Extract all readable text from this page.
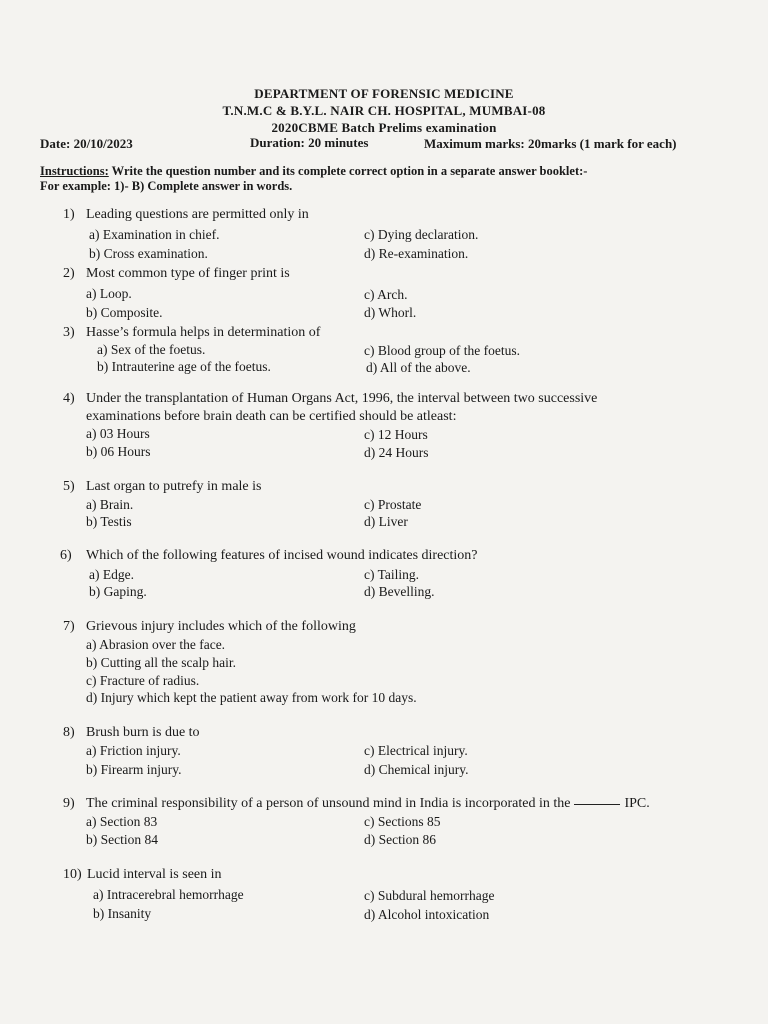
DEPARTMENT OF FORENSIC MEDICINE
T.N.M.C & B.Y.L. NAIR CH. HOSPITAL, MUMBAI-08
2020CBME Batch Prelims examination
Date: 20/10/2023	Duration: 20 minutes	Maximum marks: 20marks (1 mark for each)
Instructions: Write the question number and its complete correct option in a separate answer booklet:-
For example: 1)- B) Complete answer in words.
1) Leading questions are permitted only in
a) Examination in chief.
b) Cross examination.
c) Dying declaration.
d) Re-examination.
2) Most common type of finger print is
a) Loop.
b) Composite.
c) Arch.
d) Whorl.
3) Hasse’s formula helps in determination of
a) Sex of the foetus.
b) Intrauterine age of the foetus.
c) Blood group of the foetus.
d) All of the above.
4) Under the transplantation of Human Organs Act, 1996, the interval between two successive
examinations before brain death can be certified should be atleast:
a) 03 Hours
b) 06 Hours
c) 12 Hours
d) 24 Hours
5) Last organ to putrefy in male is
a) Brain.
b) Testis
c) Prostate
d) Liver
6) Which of the following features of incised wound indicates direction?
a) Edge.
b) Gaping.
c) Tailing.
d) Bevelling.
7) Grievous injury includes which of the following
a) Abrasion over the face.
b) Cutting all the scalp hair.
c) Fracture of radius.
d) Injury which kept the patient away from work for 10 days.
8) Brush burn is due to
a) Friction injury.
b) Firearm injury.
c) Electrical injury.
d) Chemical injury.
9) The criminal responsibility of a person of unsound mind in India is incorporated in the	IPC.
a) Section 83
b) Section 84
c) Sections 85
d) Section 86
10) Lucid interval is seen in
a) Intracerebral hemorrhage
b) Insanity
c) Subdural hemorrhage
d) Alcohol intoxication
